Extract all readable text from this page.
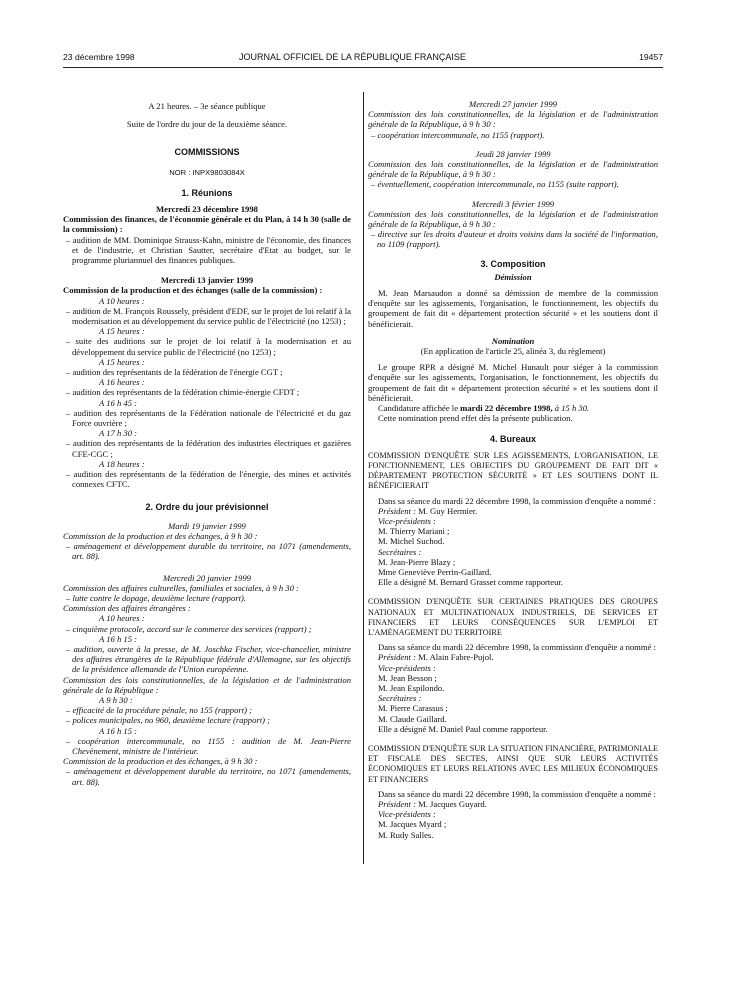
23 décembre 1998	JOURNAL OFFICIEL DE LA RÉPUBLIQUE FRANÇAISE	19457

A 21 heures. – 3e séance publique

Suite de l'ordre du jour de la deuxième séance.

COMMISSIONS

NOR : INPX9803084X

1. Réunions

Mercredi 23 décembre 1998

Commission des finances, de l'économie générale et du Plan, à 14 h 30 (salle de la commission) :

– audition de MM. Dominique Strauss-Kahn, ministre de l'économie, des finances et de l'industrie, et Christian Sautter, secrétaire d'Etat au budget, sur le programme pluriannuel des finances publiques.

Mercredi 13 janvier 1999

Commission de la production et des échanges (salle de la commission) :

A 10 heures :

– audition de M. François Roussely, président d'EDF, sur le projet de loi relatif à la modernisation et au développement du service public de l'électricité (no 1253) ;

A 15 heures :

– suite des auditions sur le projet de loi relatif à la modernisation et au développement du service public de l'électricité (no 1253) ;

A 15 heures :

– audition des représentants de la fédération de l'énergie CGT ;

A 16 heures :

– audition des représentants de la fédération chimie-énergie CFDT ;

A 16 h 45 :

– audition des représentants de la Fédération nationale de l'électricité et du gaz Force ouvrière ;

A 17 h 30 :

– audition des représentants de la fédération des industries électriques et gazières CFE-CGC ;

A 18 heures :

– audition des représentants de la fédération de l'énergie, des mines et activités connexes CFTC.

2. Ordre du jour prévisionnel

Mardi 19 janvier 1999

Commission de la production et des échanges, à 9 h 30 :

– aménagement et développement durable du territoire, no 1071 (amendements, art. 88).

Mercredi 20 janvier 1999

Commission des affaires culturelles, familiales et sociales, à 9 h 30 :

– lutte contre le dopage, deuxième lecture (rapport).

Commission des affaires étrangères :

A 10 heures :

– cinquième protocole, accord sur le commerce des services (rapport) ;

A 16 h 15 :

– audition, ouverte à la presse, de M. Joschka Fischer, vice-chancelier, ministre des affaires étrangères de la République fédérale d'Allemagne, sur les objectifs de la présidence allemande de l'Union européenne.

Commission des lois constitutionnelles, de la législation et de l'administration générale de la République :

A 9 h 30 :

– efficacité de la procédure pénale, no 155 (rapport) ;

– polices municipales, no 960, deuxième lecture (rapport) ;

A 16 h 15 :

– coopération intercommunale, no 1155 : audition de M. Jean-Pierre Chevènement, ministre de l'intérieur.

Commission de la production et des échanges, à 9 h 30 :

– aménagement et développement durable du territoire, no 1071 (amendements, art. 88).

Mercredi 27 janvier 1999

Commission des lois constitutionnelles, de la législation et de l'administration générale de la République, à 9 h 30 :

– coopération intercommunale, no 1155 (rapport).

Jeudi 28 janvier 1999

Commission des lois constitutionnelles, de la législation et de l'administration générale de la République, à 9 h 30 :

– éventuellement, coopération intercommunale, no 1155 (suite rapport).

Mercredi 3 février 1999

Commission des lois constitutionnelles, de la législation et de l'administration générale de la République, à 9 h 30 :

– directive sur les droits d'auteur et droits voisins dans la société de l'information, no 1109 (rapport).

3. Composition

Démission

M. Jean Marsaudon a donné sa démission de membre de la commission d'enquête sur les agissements, l'organisation, le fonctionnement, les objectifs du groupement de fait dit « département protection sécurité » et les soutiens dont il bénéficierait.

Nomination

(En application de l'article 25, alinéa 3, du règlement)

Le groupe RPR a désigné M. Michel Hunault pour siéger à la commission d'enquête sur les agissements, l'organisation, le fonctionnement, les objectifs du groupement de fait dit « département protection sécurité » et les soutiens dont il bénéficierait.

Candidature affichée le mardi 22 décembre 1998, à 15 h 30.

Cette nomination prend effet dès la présente publication.

4. Bureaux

COMMISSION D'ENQUÊTE SUR LES AGISSEMENTS, L'ORGANISATION, LE FONCTIONNEMENT, LES OBJECTIFS DU GROUPEMENT DE FAIT DIT « DÉPARTEMENT PROTECTION SÉCURITÉ » ET LES SOUTIENS DONT IL BÉNÉFICIERAIT

Dans sa séance du mardi 22 décembre 1998, la commission d'enquête a nommé :

Président : M. Guy Hermier.

Vice-présidents :

M. Thierry Mariani ;

M. Michel Suchod.

Secrétaires :

M. Jean-Pierre Blazy ;

Mme Geneviève Perrin-Gaillard.

Elle a désigné M. Bernard Grasset comme rapporteur.

COMMISSION D'ENQUÊTE SUR CERTAINES PRATIQUES DES GROUPES NATIONAUX ET MULTINATIONAUX INDUSTRIELS, DE SERVICES ET FINANCIERS ET LEURS CONSÉQUENCES SUR L'EMPLOI ET L'AMÉNAGEMENT DU TERRITOIRE

Dans sa séance du mardi 22 décembre 1998, la commission d'enquête a nommé :

Président : M. Alain Fabre-Pujol.

Vice-présidents :

M. Jean Besson ;

M. Jean Espilondo.

Secrétaires :

M. Pierre Carassus ;

M. Claude Gaillard.

Elle a désigné M. Daniel Paul comme rapporteur.

COMMISSION D'ENQUÊTE SUR LA SITUATION FINANCIÈRE, PATRIMONIALE ET FISCALE DES SECTES, AINSI QUE SUR LEURS ACTIVITÉS ÉCONOMIQUES ET LEURS RELATIONS AVEC LES MILIEUX ÉCONOMIQUES ET FINANCIERS

Dans sa séance du mardi 22 décembre 1998, la commission d'enquête a nommé :

Président : M. Jacques Guyard.

Vice-présidents :

M. Jacques Myard ;

M. Rudy Salles.
